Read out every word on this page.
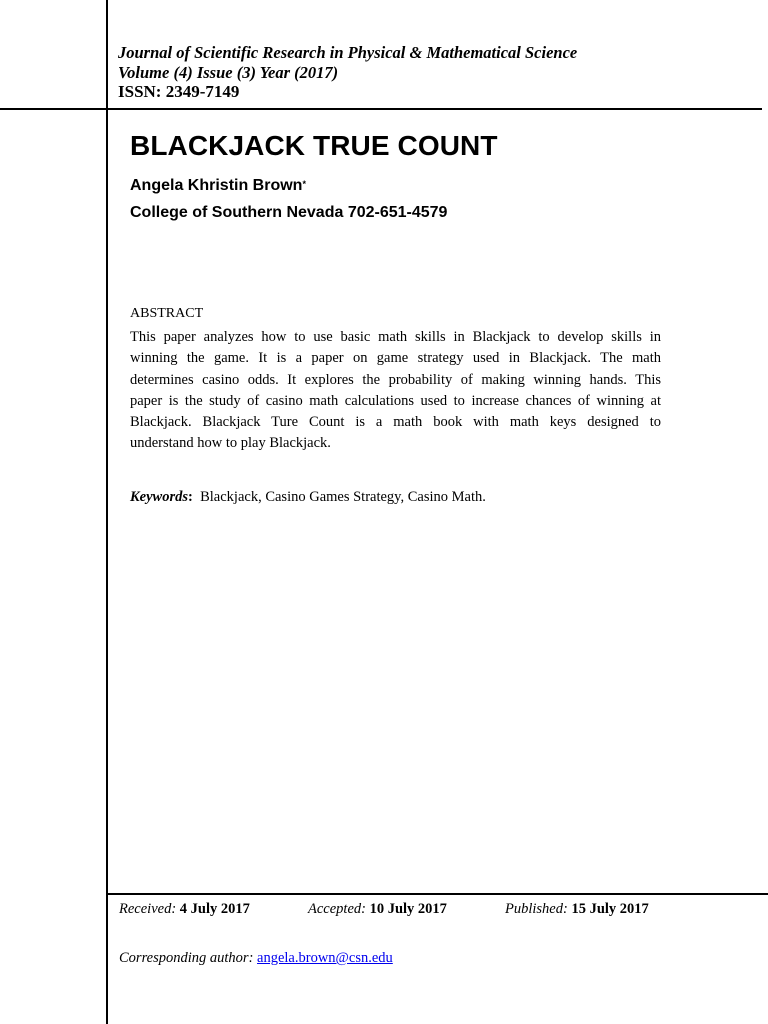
Journal of Scientific Research in Physical & Mathematical Science
Volume (4) Issue (3) Year (2017)
ISSN: 2349-7149
BLACKJACK TRUE COUNT
Angela Khristin Brown*
College of Southern Nevada 702-651-4579
ABSTRACT
This paper analyzes how to use basic math skills in Blackjack to develop skills in
winning the game. It is a paper on game strategy used in Blackjack. The math
determines casino odds. It explores the probability of making winning hands. This
paper is the study of casino math calculations used to increase chances of winning at
Blackjack. Blackjack Ture Count is a math book with math keys designed to
understand how to play Blackjack.
Keywords: Blackjack, Casino Games Strategy, Casino Math.
Received: 4 July 2017	Accepted: 10 July 2017	Published: 15 July 2017
Corresponding author: angela.brown@csn.edu
